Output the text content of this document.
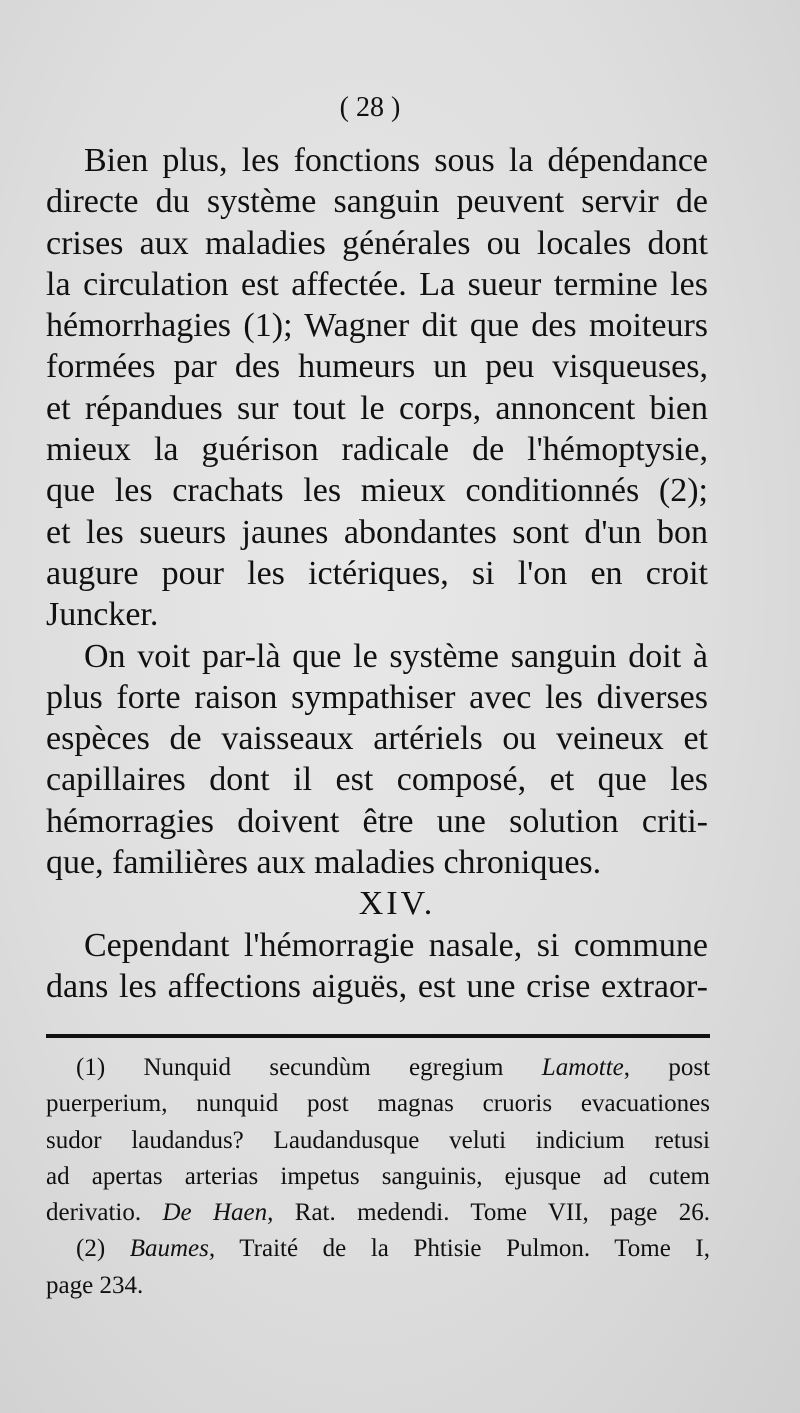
( 28 )
Bien plus, les fonctions sous la dépendance
directe du système sanguin peuvent servir de
crises aux maladies générales ou locales dont
la circulation est affectée. La sueur termine les
hémorrhagies (1); Wagner dit que des moiteurs
formées par des humeurs un peu visqueuses,
et répandues sur tout le corps, annoncent bien
mieux la guérison radicale de l'hémoptysie,
que les crachats les mieux conditionnés (2);
et les sueurs jaunes abondantes sont d'un bon
augure pour les ictériques, si l'on en croit
Juncker.
On voit par-là que le système sanguin doit à
plus forte raison sympathiser avec les diverses
espèces de vaisseaux artériels ou veineux et
capillaires dont il est composé, et que les
hémorragies doivent être une solution criti-
que, familières aux maladies chroniques.
XIV.
Cependant l'hémorragie nasale, si commune
dans les affections aiguës, est une crise extraor-
(1) Nunquid secundùm egregium Lamotte, post
puerperium, nunquid post magnas cruoris evacuationes
sudor laudandus? Laudandusque veluti indicium retusi
ad apertas arterias impetus sanguinis, ejusque ad cutem
derivatio. De Haen, Rat. medendi. Tome VII, page 26.
(2) Baumes, Traité de la Phtisie Pulmon. Tome I,
page 234.
